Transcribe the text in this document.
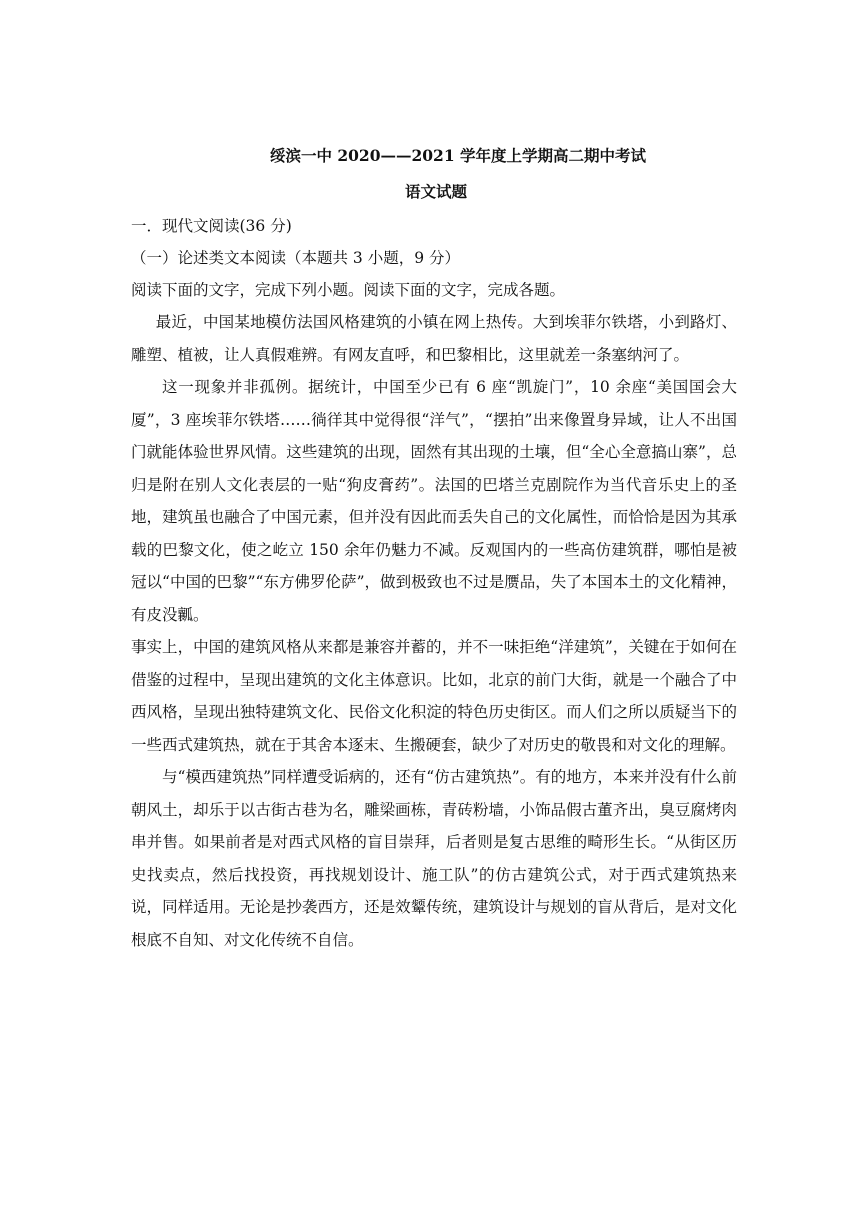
绥滨一中 2020——2021 学年度上学期高二期中考试
语文试题
一．现代文阅读(36 分)
（一）论述类文本阅读（本题共 3 小题，9 分）
阅读下面的文字，完成下列小题。阅读下面的文字，完成各题。

最近，中国某地模仿法国风格建筑的小镇在网上热传。大到埃菲尔铁塔，小到路灯、雕塑、植被，让人真假难辨。有网友直呼，和巴黎相比，这里就差一条塞纳河了。

这一现象并非孤例。据统计，中国至少已有 6 座“凯旋门”，10 余座“美国国会大厦”，3 座埃菲尔铁塔……徜徉其中觉得很“洋气”，“摆拍”出来像置身异域，让人不出国门就能体验世界风情。这些建筑的出现，固然有其出现的土壤，但“全心全意搞山寨”，总归是附在别人文化表层的一贴“狗皮膏药”。法国的巴塔兰克剧院作为当代音乐史上的圣地，建筑虽也融合了中国元素，但并没有因此而丢失自己的文化属性，而恰恰是因为其承载的巴黎文化，使之屹立 150 余年仍魅力不减。反观国内的一些高仿建筑群，哪怕是被冠以“中国的巴黎”“东方佛罗伦萨”，做到极致也不过是赝品，失了本国本土的文化精神，有皮没瓤。

事实上，中国的建筑风格从来都是兼容并蓄的，并不一味拒绝“洋建筑”，关键在于如何在借鉴的过程中，呈现出建筑的文化主体意识。比如，北京的前门大街，就是一个融合了中西风格，呈现出独特建筑文化、民俗文化积淀的特色历史街区。而人们之所以质疑当下的一些西式建筑热，就在于其舍本逐末、生搬硬套，缺少了对历史的敬畏和对文化的理解。

与“模西建筑热”同样遭受诟病的，还有“仿古建筑热”。有的地方，本来并没有什么前朝风土，却乐于以古街古巷为名，雕梁画栋，青砖粉墙，小饰品假古董齐出，臭豆腐烤肉串并售。如果前者是对西式风格的盲目崇拜，后者则是复古思维的畸形生长。“从街区历史找卖点，然后找投资，再找规划设计、施工队”的仿古建筑公式，对于西式建筑热来说，同样适用。无论是抄袭西方，还是效颦传统，建筑设计与规划的盲从背后，是对文化根底不自知、对文化传统不自信。
